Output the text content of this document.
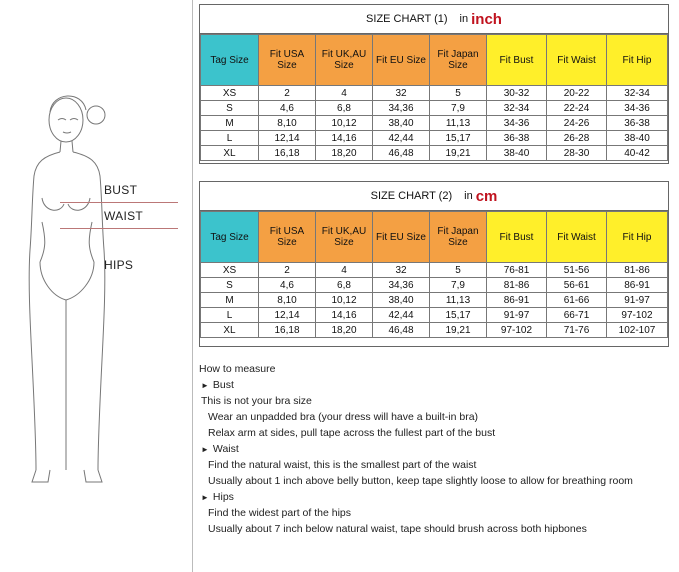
BUST
WAIST
HIPS
SIZE CHART (1) in inch
Tag Size	Fit USA Size	Fit UK,AU Size	Fit EU Size	Fit Japan Size	Fit Bust	Fit Waist	Fit Hip
XS	2	4	32	5	30-32	20-22	32-34
S	4,6	6,8	34,36	7,9	32-34	22-24	34-36
M	8,10	10,12	38,40	11,13	34-36	24-26	36-38
L	12,14	14,16	42,44	15,17	36-38	26-28	38-40
XL	16,18	18,20	46,48	19,21	38-40	28-30	40-42
SIZE CHART (2) in cm
Tag Size	Fit USA Size	Fit UK,AU Size	Fit EU Size	Fit Japan Size	Fit Bust	Fit Waist	Fit Hip
XS	2	4	32	5	76-81	51-56	81-86
S	4,6	6,8	34,36	7,9	81-86	56-61	86-91
M	8,10	10,12	38,40	11,13	86-91	61-66	91-97
L	12,14	14,16	42,44	15,17	91-97	66-71	97-102
XL	16,18	18,20	46,48	19,21	97-102	71-76	102-107
How to measure
► Bust
This is not your bra size
Wear an unpadded bra (your dress will have a built-in bra)
Relax arm at sides, pull tape across the fullest part of the bust
► Waist
Find the natural waist, this is the smallest part of the waist
Usually about 1 inch above belly button, keep tape slightly loose to allow for breathing room
► Hips
Find the widest part of the hips
Usually about 7 inch below natural waist, tape should brush across both hipbones
